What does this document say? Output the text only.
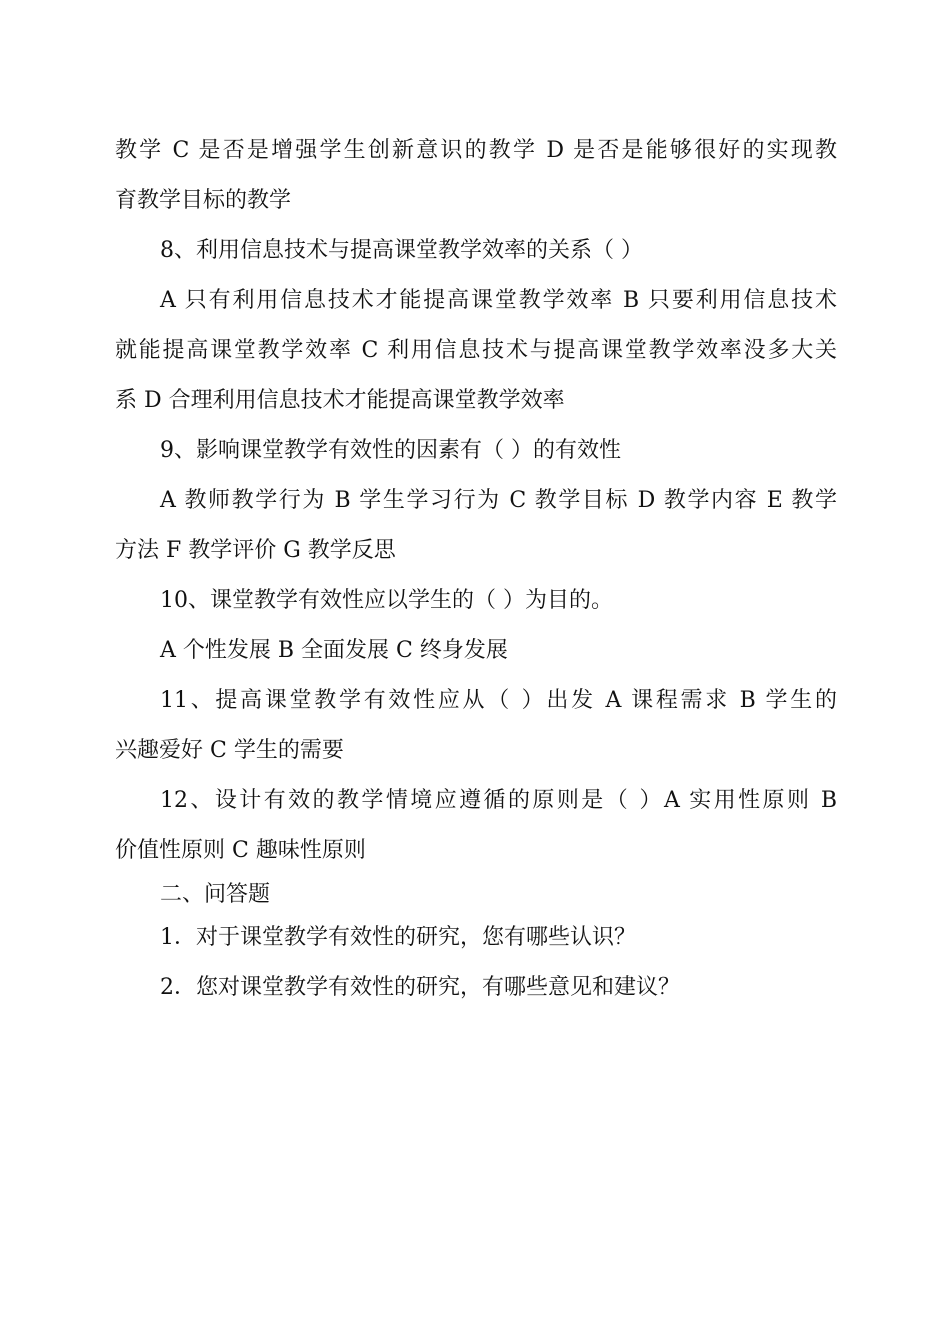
教学 C 是否是增强学生创新意识的教学 D 是否是能够很好的实现教
育教学目标的教学
8、利用信息技术与提高课堂教学效率的关系（ ）
A 只有利用信息技术才能提高课堂教学效率 B 只要利用信息技术
就能提高课堂教学效率 C 利用信息技术与提高课堂教学效率没多大关
系 D 合理利用信息技术才能提高课堂教学效率
9、影响课堂教学有效性的因素有（ ）的有效性
A 教师教学行为 B 学生学习行为 C 教学目标 D 教学内容 E 教学
方法 F 教学评价 G 教学反思
10、课堂教学有效性应以学生的（ ）为目的。
A 个性发展 B 全面发展 C 终身发展
11、提高课堂教学有效性应从（ ）出发 A 课程需求 B 学生的
兴趣爱好 C 学生的需要
12、设计有效的教学情境应遵循的原则是（ ）A 实用性原则 B
价值性原则 C 趣味性原则
二、问答题
1．对于课堂教学有效性的研究，您有哪些认识？
2．您对课堂教学有效性的研究，有哪些意见和建议？
